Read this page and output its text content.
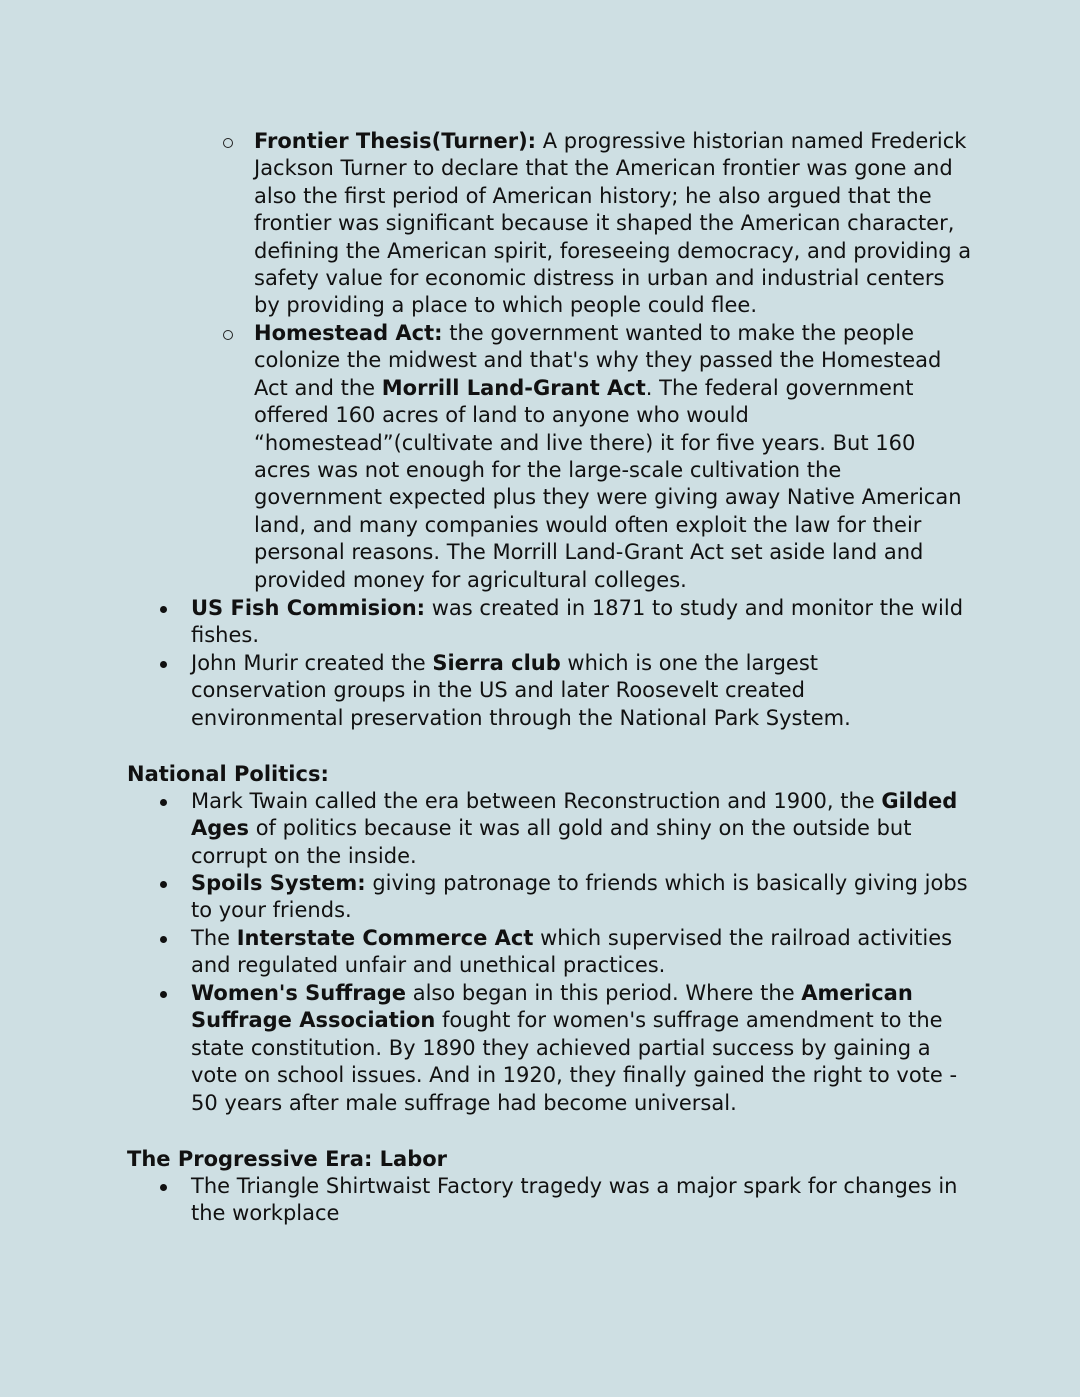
Frontier Thesis(Turner): A progressive historian named Frederick Jackson Turner to declare that the American frontier was gone and also the first period of American history; he also argued that the frontier was significant because it shaped the American character, defining the American spirit, foreseeing democracy, and providing a safety value for economic distress in urban and industrial centers by providing a place to which people could flee.
Homestead Act: the government wanted to make the people colonize the midwest and that's why they passed the Homestead Act and the Morrill Land-Grant Act. The federal government offered 160 acres of land to anyone who would “homestead”(cultivate and live there) it for five years. But 160 acres was not enough for the large-scale cultivation the government expected plus they were giving away Native American land, and many companies would often exploit the law for their personal reasons. The Morrill Land-Grant Act set aside land and provided money for agricultural colleges.
US Fish Commision: was created in 1871 to study and monitor the wild fishes.
John Murir created the Sierra club which is one the largest conservation groups in the US and later Roosevelt created environmental preservation through the National Park System.
National Politics:
Mark Twain called the era between Reconstruction and 1900, the Gilded Ages of politics because it was all gold and shiny on the outside but corrupt on the inside.
Spoils System: giving patronage to friends which is basically giving jobs to your friends.
The Interstate Commerce Act which supervised the railroad activities and regulated unfair and unethical practices.
Women's Suffrage also began in this period. Where the American Suffrage Association fought for women's suffrage amendment to the state constitution. By 1890 they achieved partial success by gaining a vote on school issues. And in 1920, they finally gained the right to vote - 50 years after male suffrage had become universal.
The Progressive Era: Labor
The Triangle Shirtwaist Factory tragedy was a major spark for changes in the workplace
